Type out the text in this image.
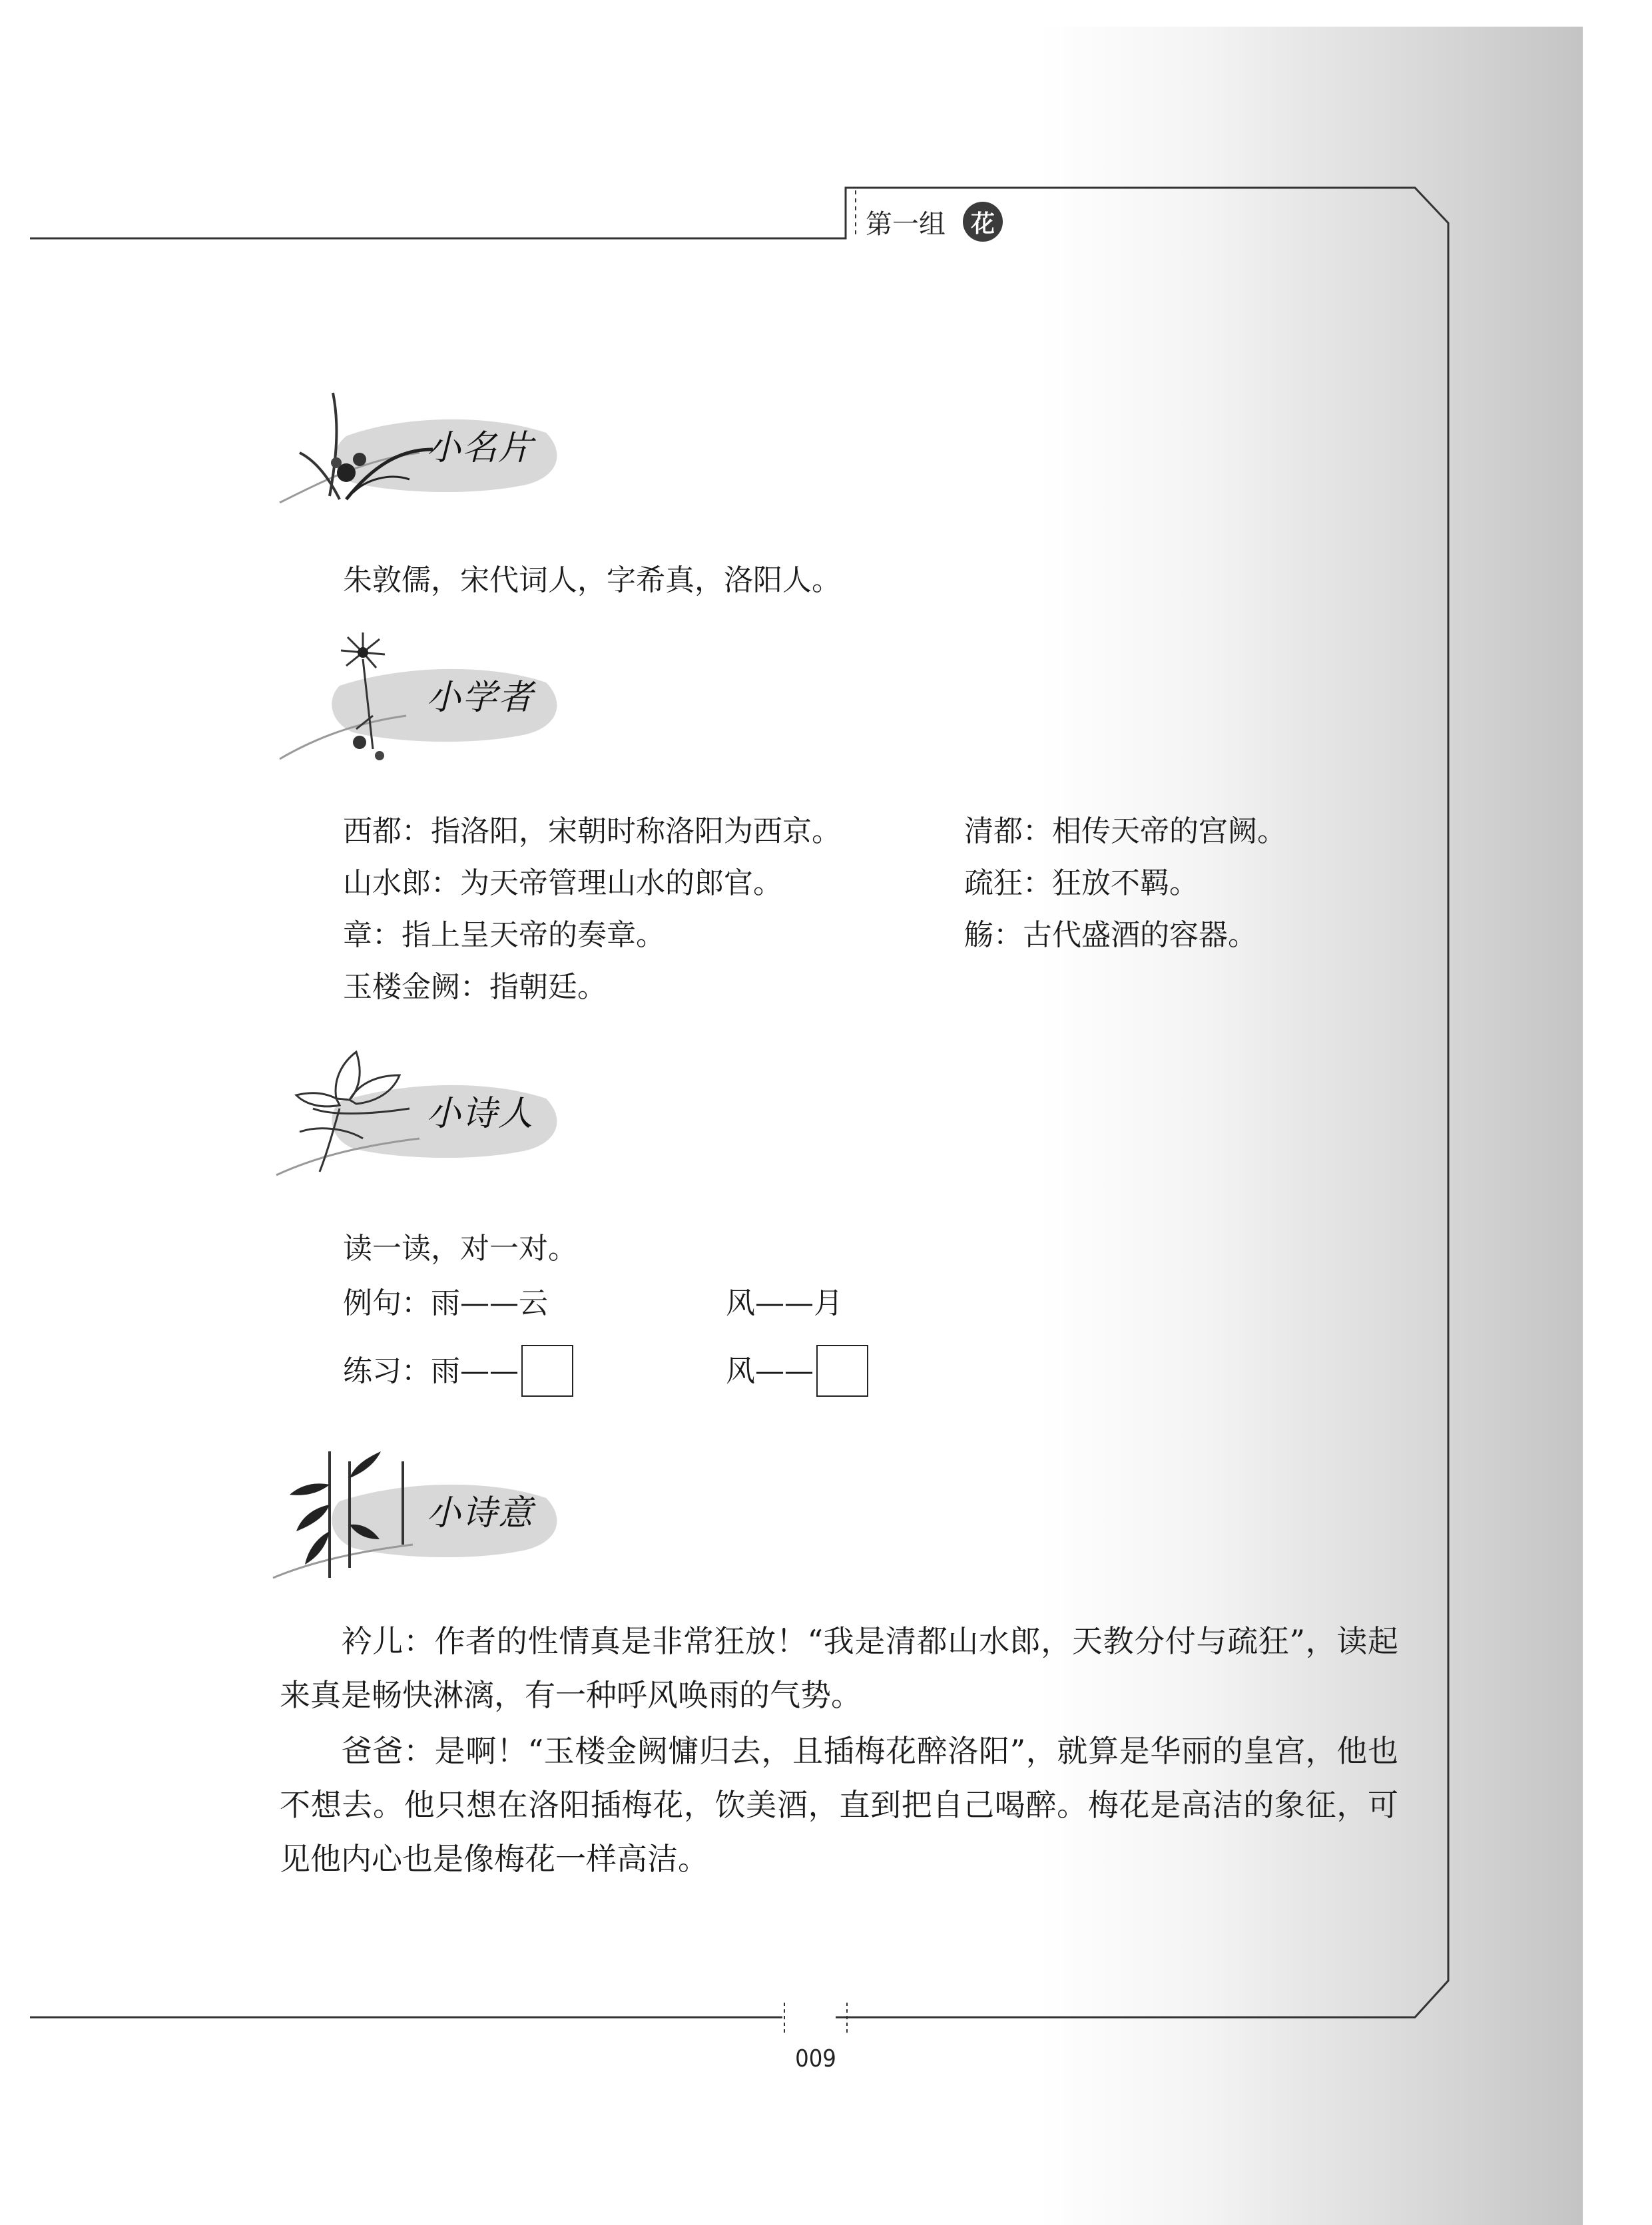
第一组	花
小名片
朱敦儒，宋代词人，字希真，洛阳人。
小学者
西都：指洛阳，宋朝时称洛阳为西京。
山水郎：为天帝管理山水的郎官。
章：指上呈天帝的奏章。
玉楼金阙：指朝廷。
清都：相传天帝的宫阙。
疏狂：狂放不羁。
觞：古代盛酒的容器。
小诗人
读一读，对一对。
例句：雨——云	风——月
练习：雨——	风——
小诗意
衿儿：作者的性情真是非常狂放！“我是清都山水郎，天教分付与疏狂”，读起来真是畅快淋漓，有一种呼风唤雨的气势。
爸爸：是啊！“玉楼金阙慵归去，且插梅花醉洛阳”，就算是华丽的皇宫，他也不想去。他只想在洛阳插梅花，饮美酒，直到把自己喝醉。梅花是高洁的象征，可见他内心也是像梅花一样高洁。
009
